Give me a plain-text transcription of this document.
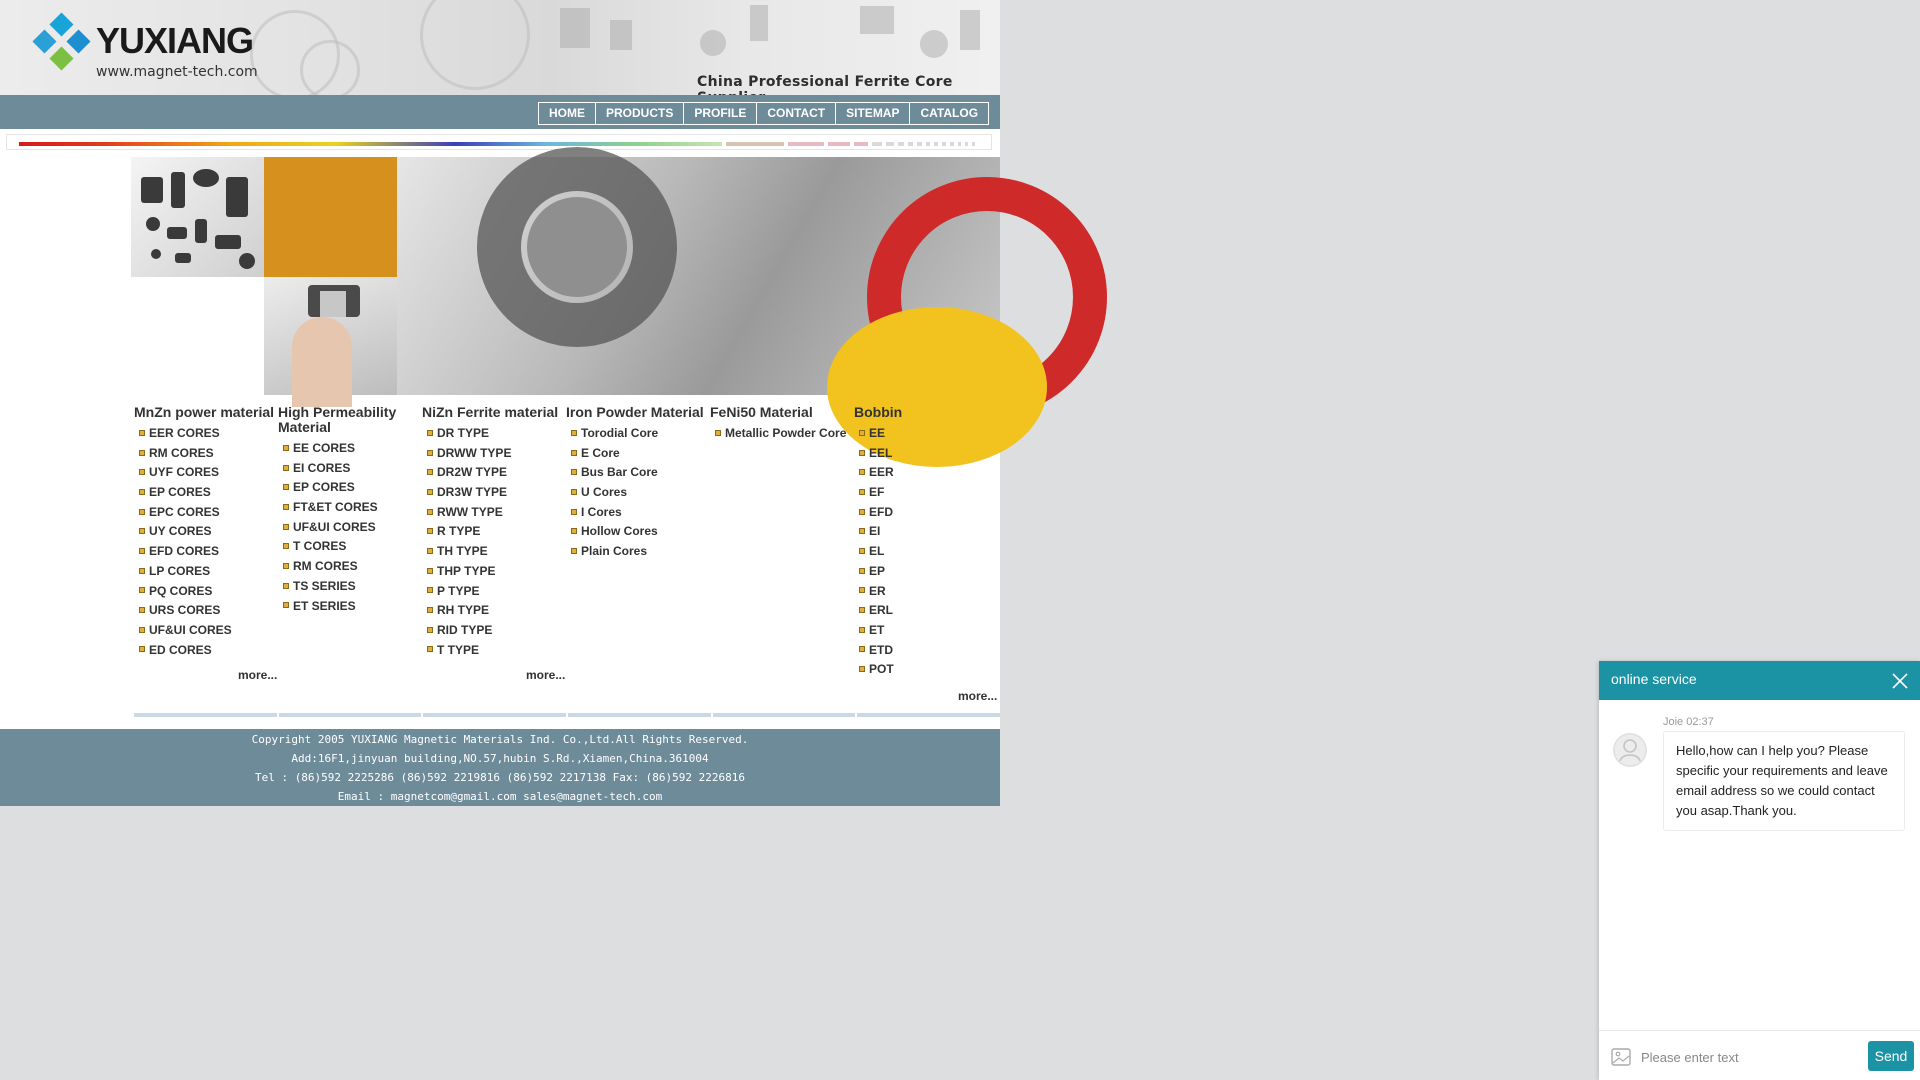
YUXIANG
www.magnet-tech.com
China Professional Ferrite Core
HOME	PRODUCTS	PROFILE	CONTACT	SITEMAP	CATALOG
MnZn power material
EER CORES
RM CORES
UYF CORES
EP CORES
EPC CORES
UY CORES
EFD CORES
LP CORES
PQ CORES
URS CORES
UF&UI CORES
ED CORES
High Permeability Material
EE CORES
EI CORES
EP CORES
FT&ET CORES
UF&UI CORES
T CORES
RM CORES
TS SERIES
ET SERIES
NiZn Ferrite material
DR TYPE
DRWW TYPE
DR2W TYPE
DR3W TYPE
RWW TYPE
R TYPE
TH TYPE
THP TYPE
P TYPE
RH TYPE
RID TYPE
T TYPE
Iron Powder Material
Torodial Core
E Core
Bus Bar Core
U Cores
I Cores
Hollow Cores
Plain Cores
FeNi50 Material
Metallic Powder Core
Bobbin
EE
EEL
EER
EF
EFD
EI
EL
EP
ER
ERL
ET
ETD
POT
more...	more...
more...
Copyright 2005 YUXIANG Magnetic Materials Ind. Co.,Ltd.All Rights Reserved.
Add:16F1,jinyuan building,NO.57,hubin S.Rd.,Xiamen,China.361004
Tel : (86)592 2225286 (86)592 2219816 (86)592 2217138 Fax: (86)592 2226816
Email : magnetcom@gmail.com sales@magnet-tech.com
online service
Joie 02:37
Hello,how can I help you? Please specific your requirements and leave email address so we could contact you asap.Thank you.
Please enter text
Send
